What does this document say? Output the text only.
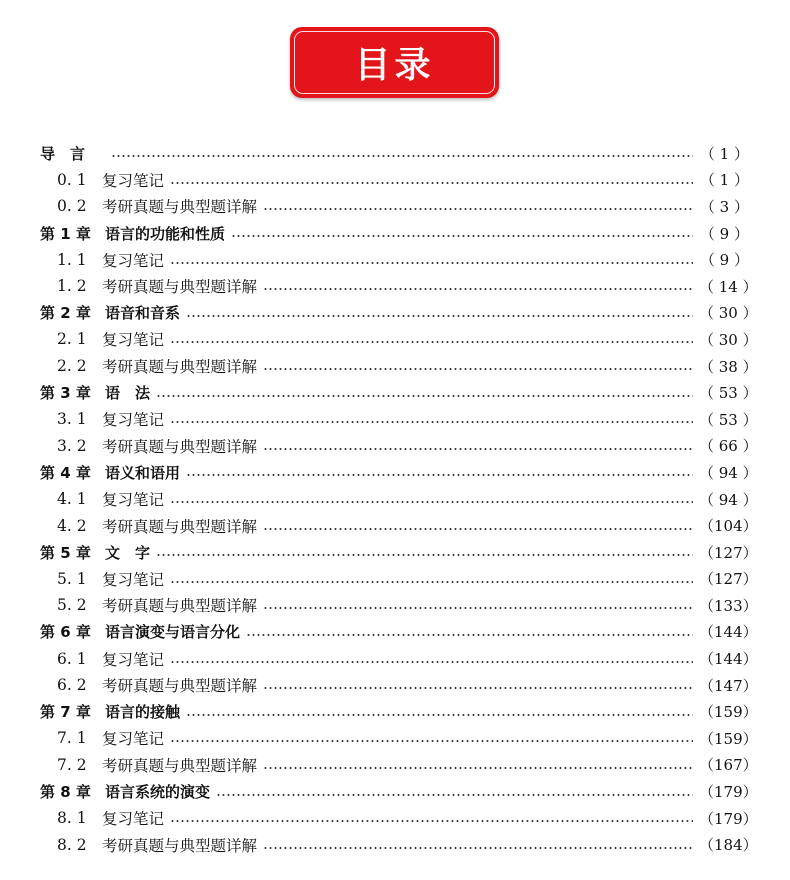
目录
导　言	（ 1 ）
0. 1 复习笔记	（ 1 ）
0. 2 考研真题与典型题详解	（ 3 ）
第 1 章 语言的功能和性质	（ 9 ）
1. 1 复习笔记	（ 9 ）
1. 2 考研真题与典型题详解	（ 14 ）
第 2 章 语音和音系	（ 30 ）
2. 1 复习笔记	（ 30 ）
2. 2 考研真题与典型题详解	（ 38 ）
第 3 章 语　法	（ 53 ）
3. 1 复习笔记	（ 53 ）
3. 2 考研真题与典型题详解	（ 66 ）
第 4 章 语义和语用	（ 94 ）
4. 1 复习笔记	（ 94 ）
4. 2 考研真题与典型题详解	（104）
第 5 章 文　字	（127）
5. 1 复习笔记	（127）
5. 2 考研真题与典型题详解	（133）
第 6 章 语言演变与语言分化	（144）
6. 1 复习笔记	（144）
6. 2 考研真题与典型题详解	（147）
第 7 章 语言的接触	（159）
7. 1 复习笔记	（159）
7. 2 考研真题与典型题详解	（167）
第 8 章 语言系统的演变	（179）
8. 1 复习笔记	（179）
8. 2 考研真题与典型题详解	（184）
